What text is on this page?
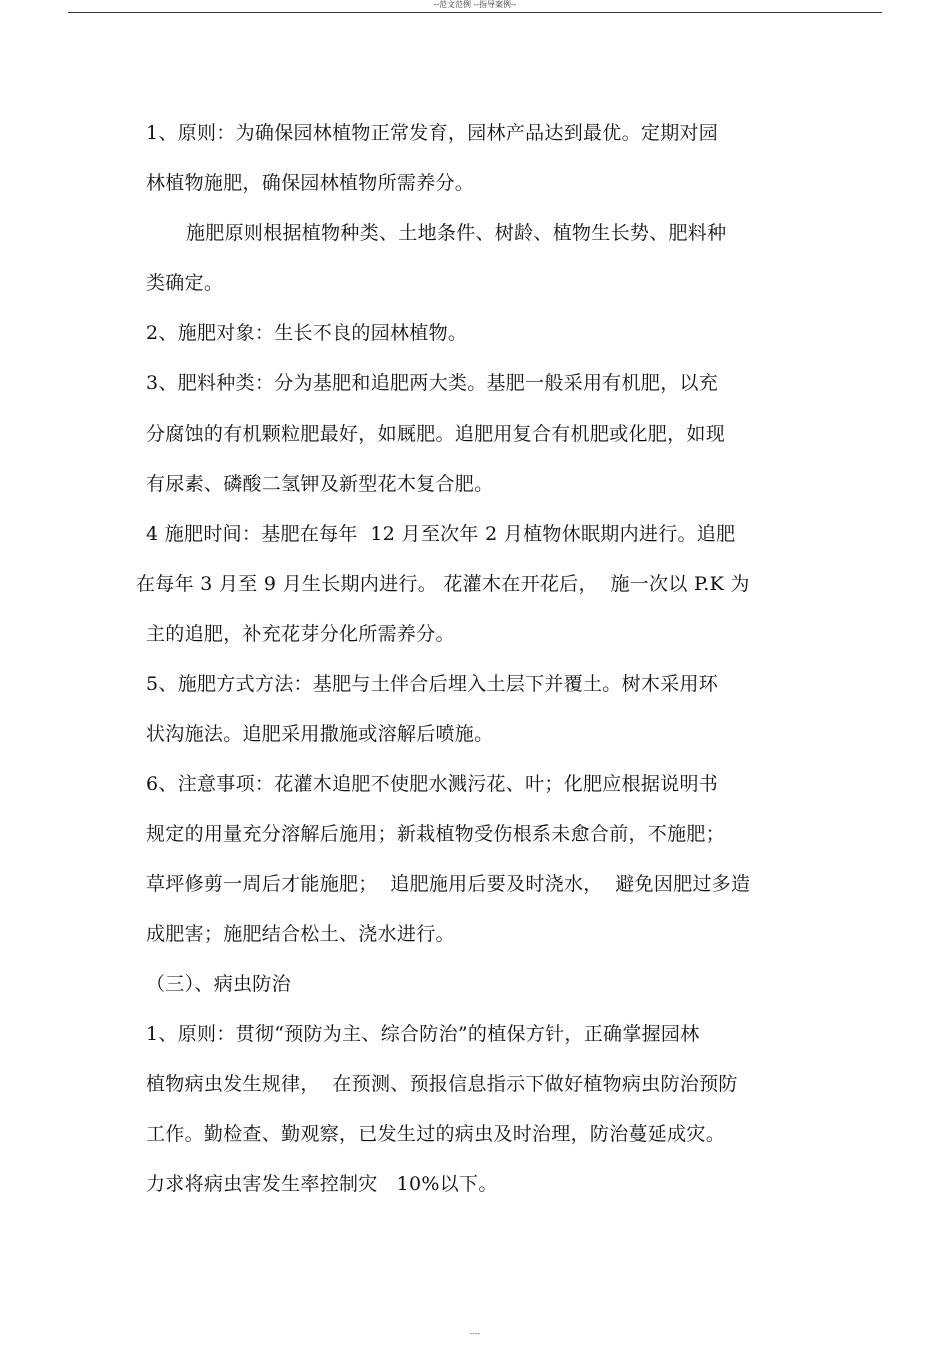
--范文范例 --指导案例--
1、原则：为确保园林植物正常发育，园林产品达到最优。定期对园
林植物施肥，确保园林植物所需养分。
施肥原则根据植物种类、土地条件、树龄、植物生长势、肥料种
类确定。
2、施肥对象：生长不良的园林植物。
3、肥料种类：分为基肥和追肥两大类。基肥一般采用有机肥，以充
分腐蚀的有机颗粒肥最好，如厩肥。追肥用复合有机肥或化肥，如现
有尿素、磷酸二氢钾及新型花木复合肥。
4 施肥时间：基肥在每年  12 月至次年 2 月植物休眠期内进行。追肥
在每年 3 月至 9 月生长期内进行。 花灌木在开花后，  施一次以 P.K 为
主的追肥，补充花芽分化所需养分。
5、施肥方式方法：基肥与土伴合后埋入土层下并覆土。树木采用环
状沟施法。追肥采用撒施或溶解后喷施。
6、注意事项：花灌木追肥不使肥水溅污花、叶；化肥应根据说明书
规定的用量充分溶解后施用；新栽植物受伤根系未愈合前，不施肥；
草坪修剪一周后才能施肥；  追肥施用后要及时浇水，  避免因肥过多造
成肥害；施肥结合松土、浇水进行。
（三）、病虫防治
1、原则：贯彻“预防为主、综合防治”的植保方针，正确掌握园林
植物病虫发生规律，  在预测、预报信息指示下做好植物病虫防治预防
工作。勤检查、勤观察，已发生过的病虫及时治理，防治蔓延成灾。
力求将病虫害发生率控制灾   10%以下。
----
